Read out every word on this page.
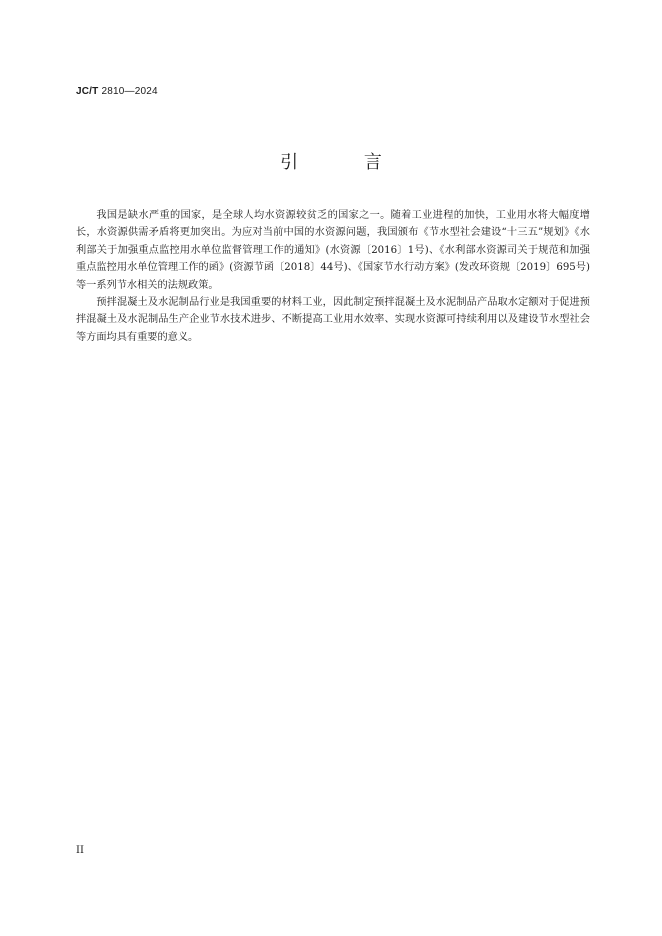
JC/T 2810—2024
引 言

我国是缺水严重的国家，是全球人均水资源较贫乏的国家之一。随着工业进程的加快，工业用水将大幅度增长，水资源供需矛盾将更加突出。为应对当前中国的水资源问题，我国颁布《节水型社会建设“十三五”规划》《水利部关于加强重点监控用水单位监督管理工作的通知》(水资源〔2016〕1号)、《水利部水资源司关于规范和加强重点监控用水单位管理工作的函》(资源节函〔2018〕44号)、《国家节水行动方案》(发改环资规〔2019〕695号)等一系列节水相关的法规政策。

预拌混凝土及水泥制品行业是我国重要的材料工业，因此制定预拌混凝土及水泥制品产品取水定额对于促进预拌混凝土及水泥制品生产企业节水技术进步、不断提高工业用水效率、实现水资源可持续利用以及建设节水型社会等方面均具有重要的意义。

II
